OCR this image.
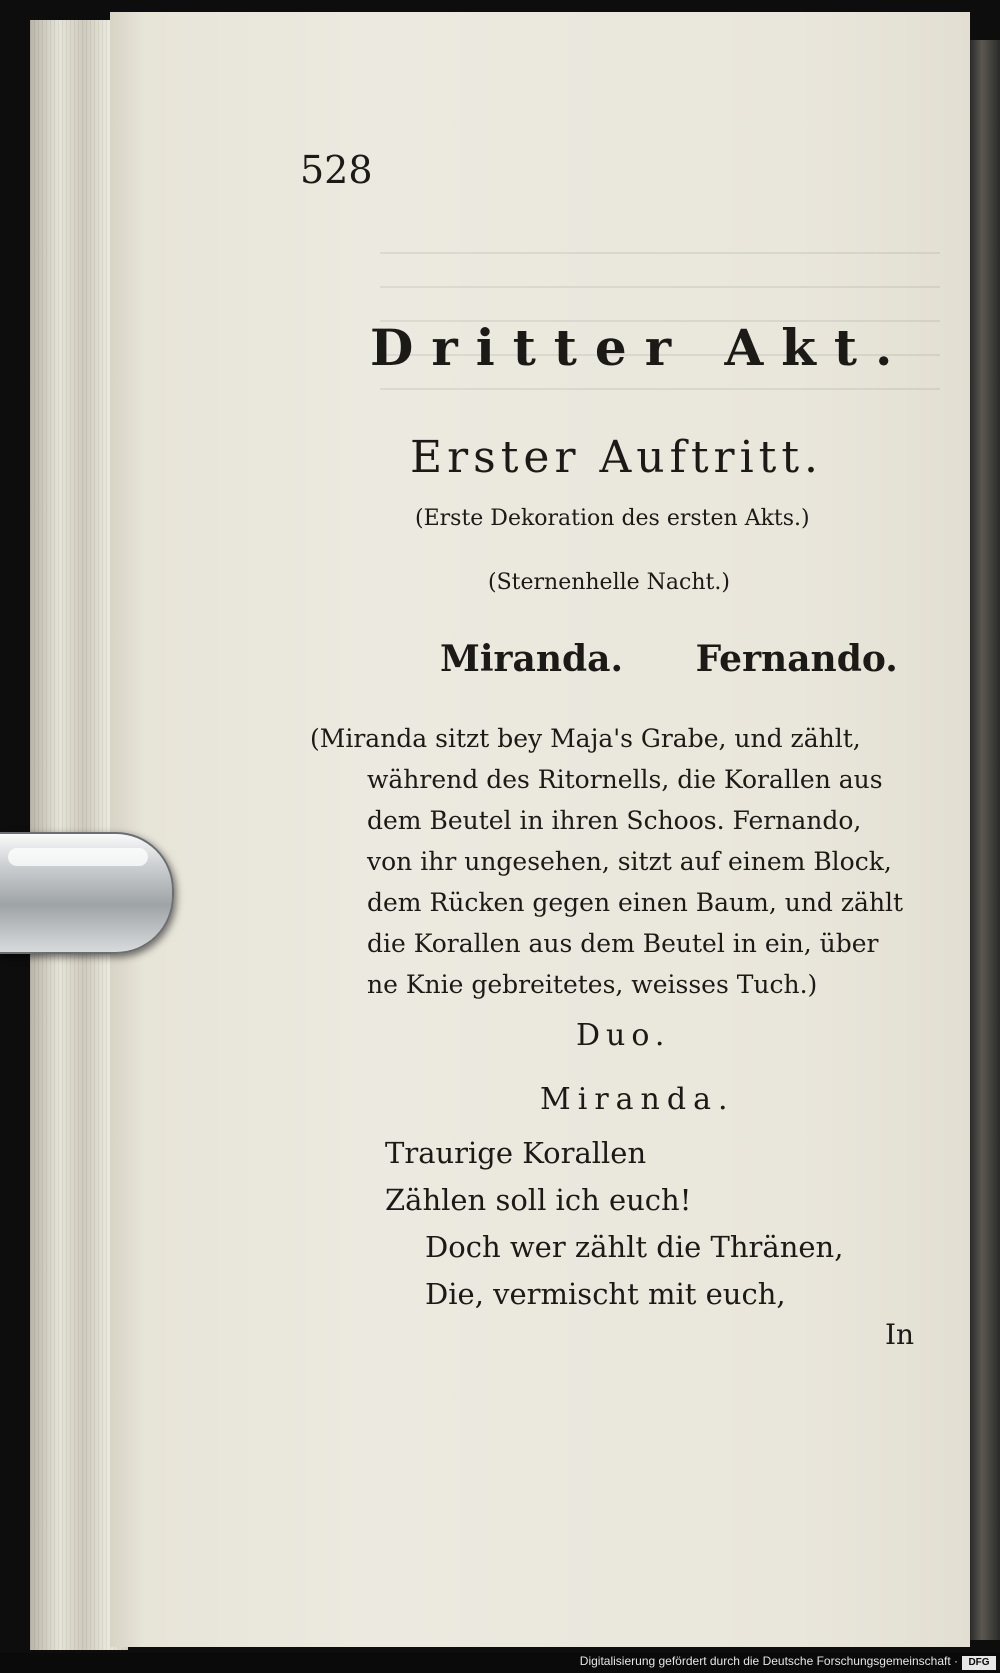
528
Dritter Akt.
Erster Auftritt.
(Erste Dekoration des ersten Akts.)
(Sternenhelle Nacht.)
Miranda. Fernando.
(Miranda sitzt bey Maja's Grabe, und zählt,
während des Ritornells, die Korallen aus
dem Beutel in ihren Schoos. Fernando,
von ihr ungesehen, sitzt auf einem Block,
dem Rücken gegen einen Baum, und zählt
die Korallen aus dem Beutel in ein, über
ne Knie gebreitetes, weisses Tuch.)
Duo.
Miranda.
Traurige Korallen
Zählen soll ich euch!
Doch wer zählt die Thränen,
Die, vermischt mit euch,
In
Digitalisierung gefördert durch die Deutsche Forschungsgemeinschaft ·	DFG
